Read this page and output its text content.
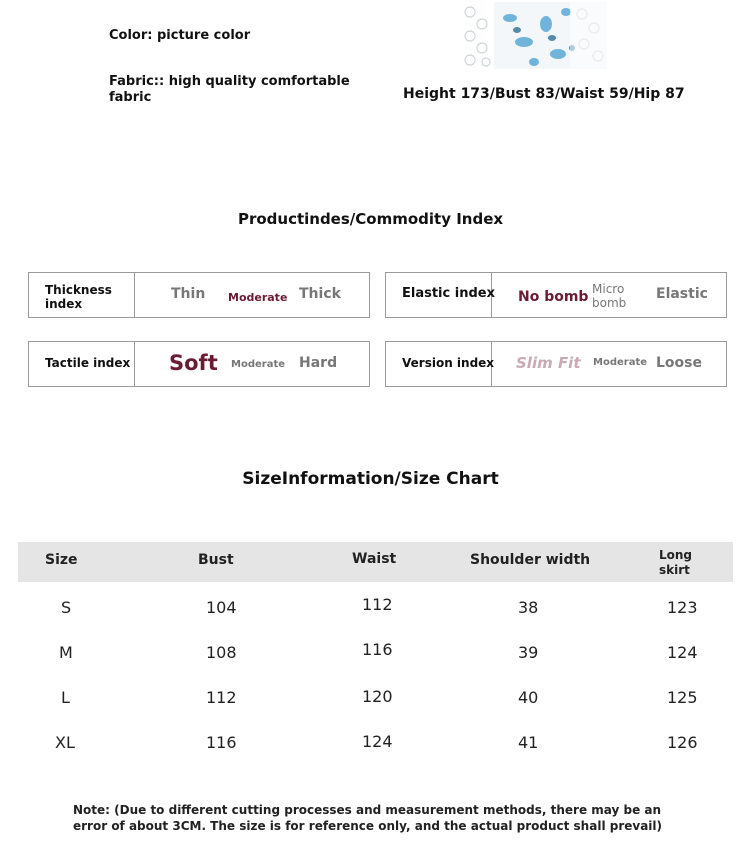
Color: picture color
Fabric:: high quality comfortable
fabric	Height 173/Bust 83/Waist 59/Hip 87
Productindes/Commodity Index
Thickness
index
Thin Moderate Thick	Elastic index No bomb Micro
bomb
Elastic
Tactile index Soft Moderate Hard	Version index Slim Fit Moderate Loose
SizeInformation/Size Chart
Size	Bust	Waist	Shoulder width	Long
skirt
S	104	112	38	123
M	108	116	39	124
L	112	120	40	125
XL	116	124	41	126
Note: (Due to different cutting processes and measurement methods, there may be an
error of about 3CM. The size is for reference only, and the actual product shall prevail)
